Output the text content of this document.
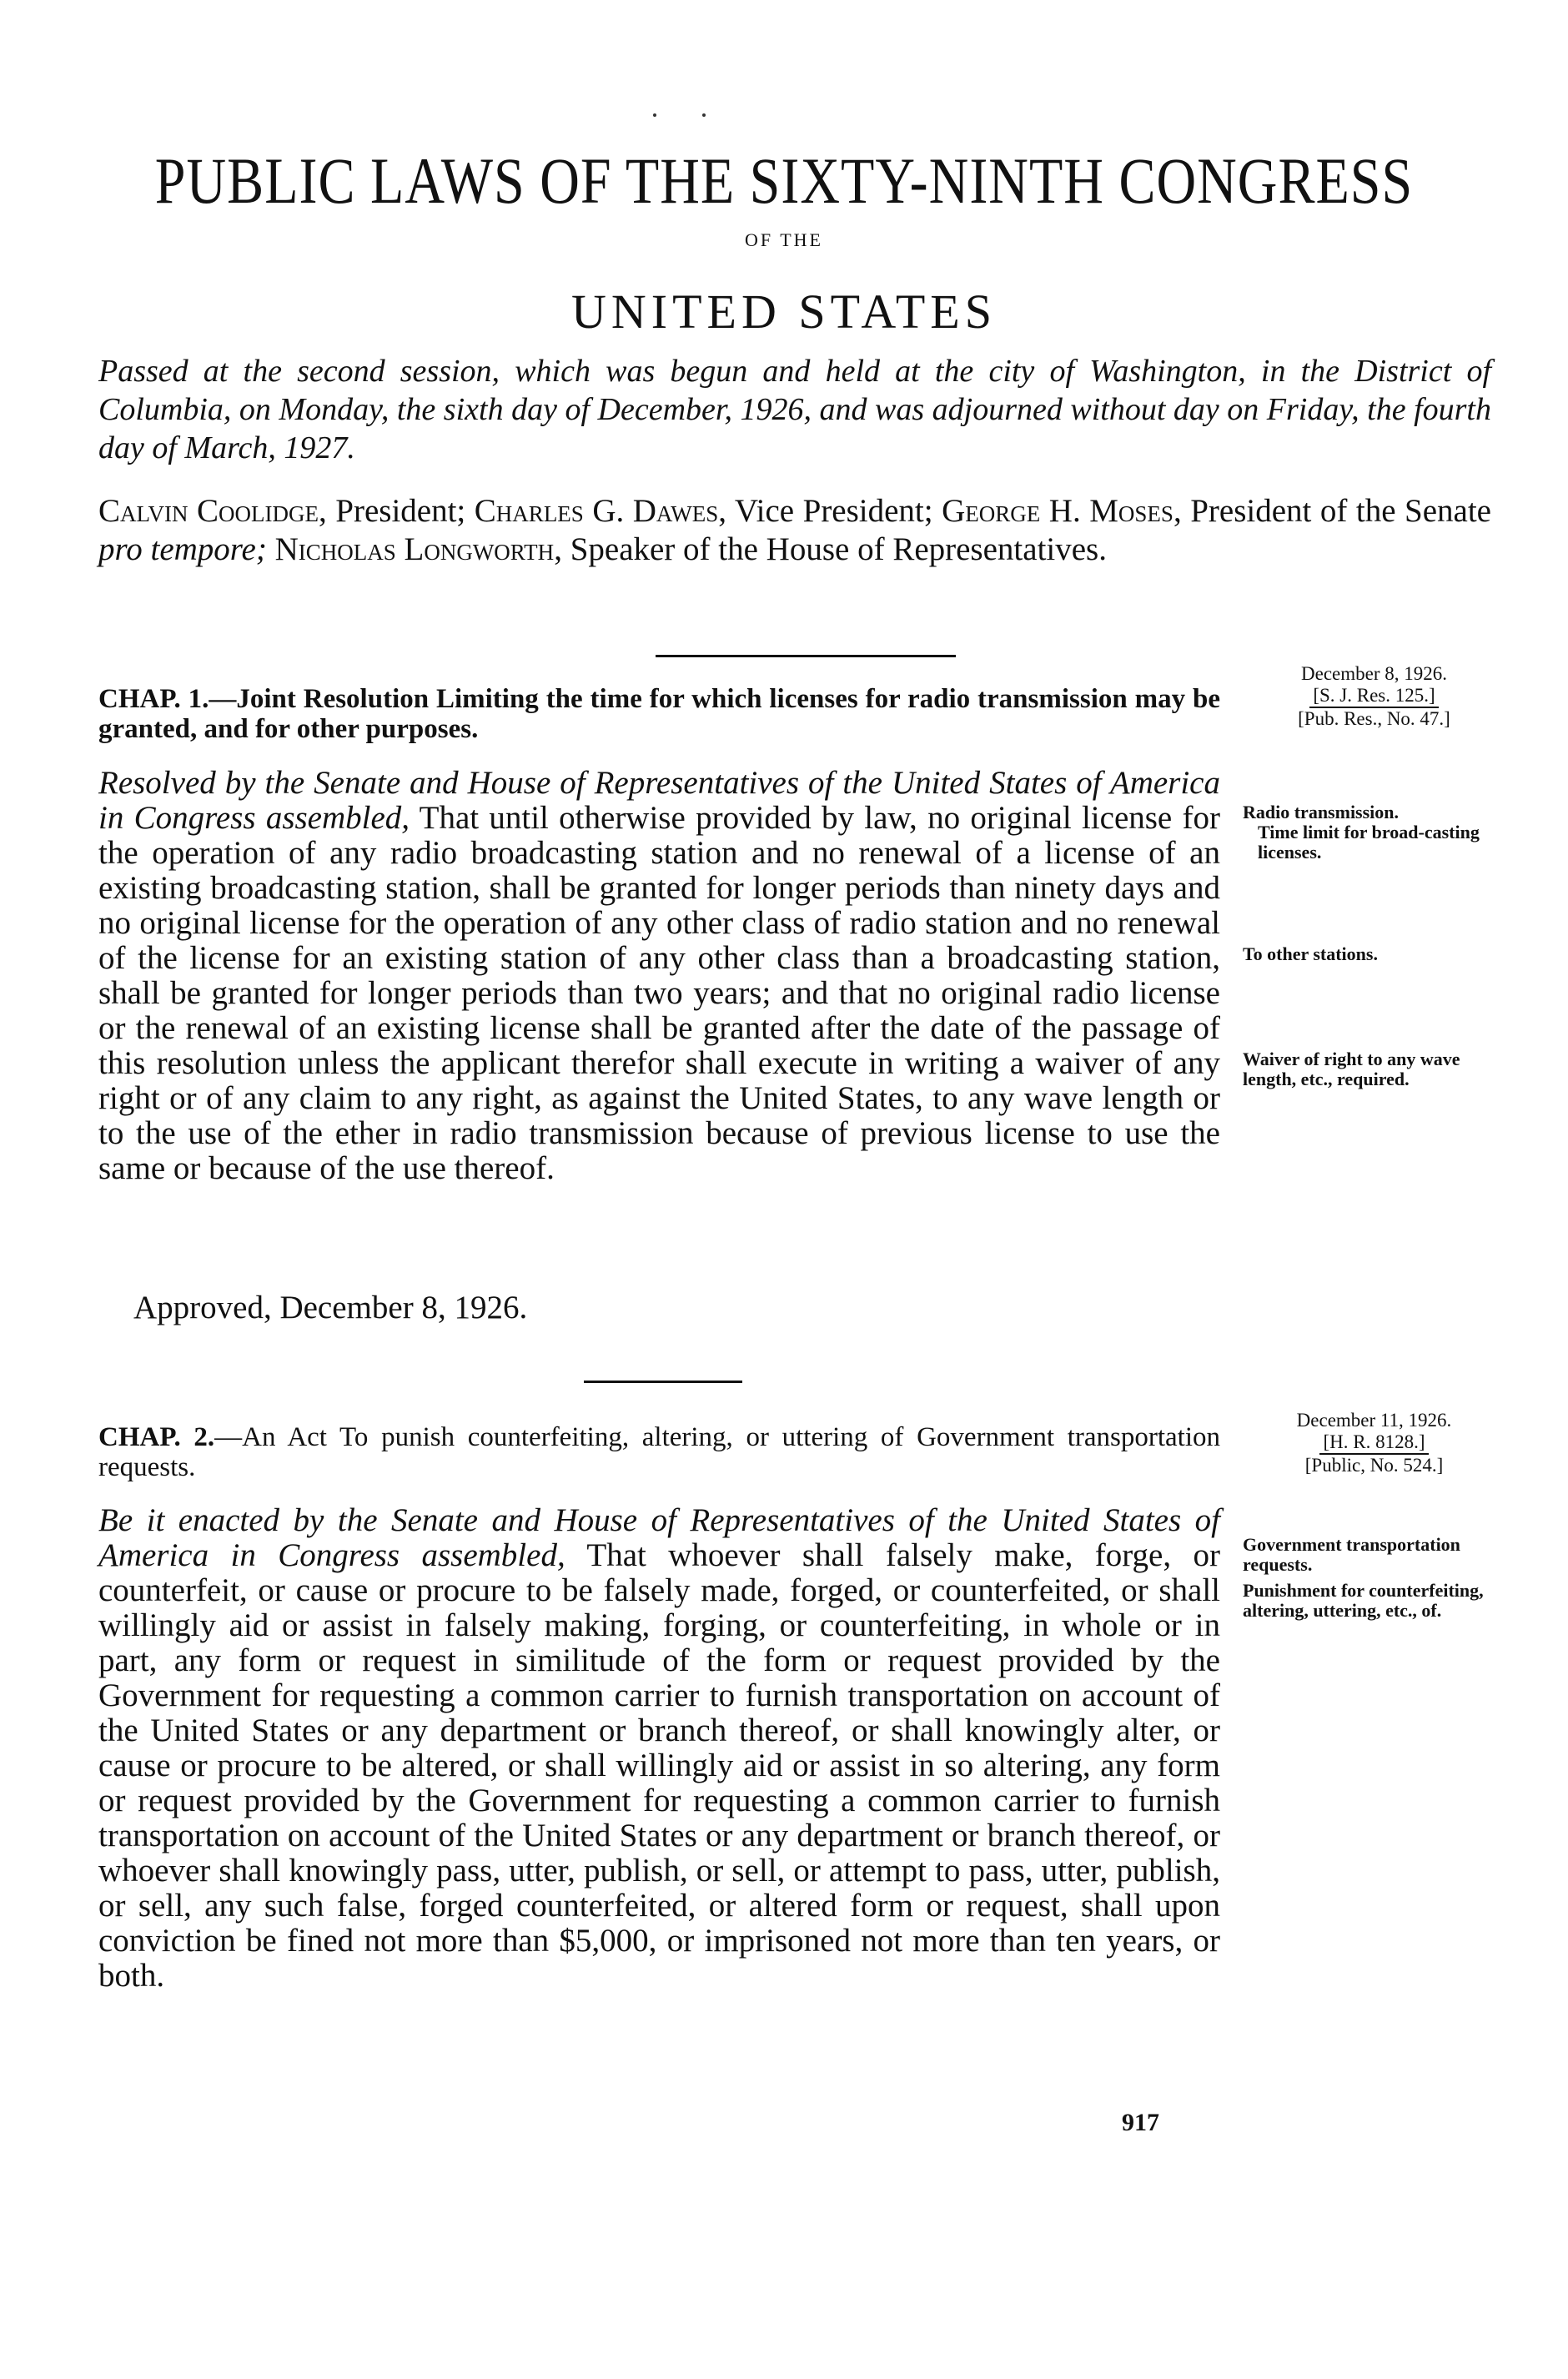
PUBLIC LAWS OF THE SIXTY-NINTH CONGRESS
OF THE
UNITED STATES
Passed at the second session, which was begun and held at the city of Washington, in the District of Columbia, on Monday, the sixth day of December, 1926, and was adjourned without day on Friday, the fourth day of March, 1927.
Calvin Coolidge, President; Charles G. Dawes, Vice President; George H. Moses, President of the Senate pro tempore; Nicholas Longworth, Speaker of the House of Representatives.
December 8, 1926.
[S. J. Res. 125.]
[Pub. Res., No. 47.]
CHAP. 1.—Joint Resolution Limiting the time for which licenses for radio transmission may be granted, and for other purposes.
Resolved by the Senate and House of Representatives of the United States of America in Congress assembled, That until otherwise provided by law, no original license for the operation of any radio broadcasting station and no renewal of a license of an existing broadcasting station, shall be granted for longer periods than ninety days and no original license for the operation of any other class of radio station and no renewal of the license for an existing station of any other class than a broadcasting station, shall be granted for longer periods than two years; and that no original radio license or the renewal of an existing license shall be granted after the date of the passage of this resolution unless the applicant therefor shall execute in writing a waiver of any right or of any claim to any right, as against the United States, to any wave length or to the use of the ether in radio transmission because of previous license to use the same or because of the use thereof.
Approved, December 8, 1926.
Radio transmission.
Time limit for broad-casting licenses.
To other stations.
Waiver of right to any wave length, etc., required.
December 11, 1926.
[H. R. 8128.]
[Public, No. 524.]
CHAP. 2.—An Act To punish counterfeiting, altering, or uttering of Government transportation requests.
Be it enacted by the Senate and House of Representatives of the United States of America in Congress assembled, That whoever shall falsely make, forge, or counterfeit, or cause or procure to be falsely made, forged, or counterfeited, or shall willingly aid or assist in falsely making, forging, or counterfeiting, in whole or in part, any form or request in similitude of the form or request provided by the Government for requesting a common carrier to furnish transportation on account of the United States or any department or branch thereof, or shall knowingly alter, or cause or procure to be altered, or shall willingly aid or assist in so altering, any form or request provided by the Government for requesting a common carrier to furnish transportation on account of the United States or any department or branch thereof, or whoever shall knowingly pass, utter, publish, or sell, or attempt to pass, utter, publish, or sell, any such false, forged counterfeited, or altered form or request, shall upon conviction be fined not more than $5,000, or imprisoned not more than ten years, or both.
Government transportation requests.
Punishment for counterfeiting, altering, uttering, etc., of.
917
